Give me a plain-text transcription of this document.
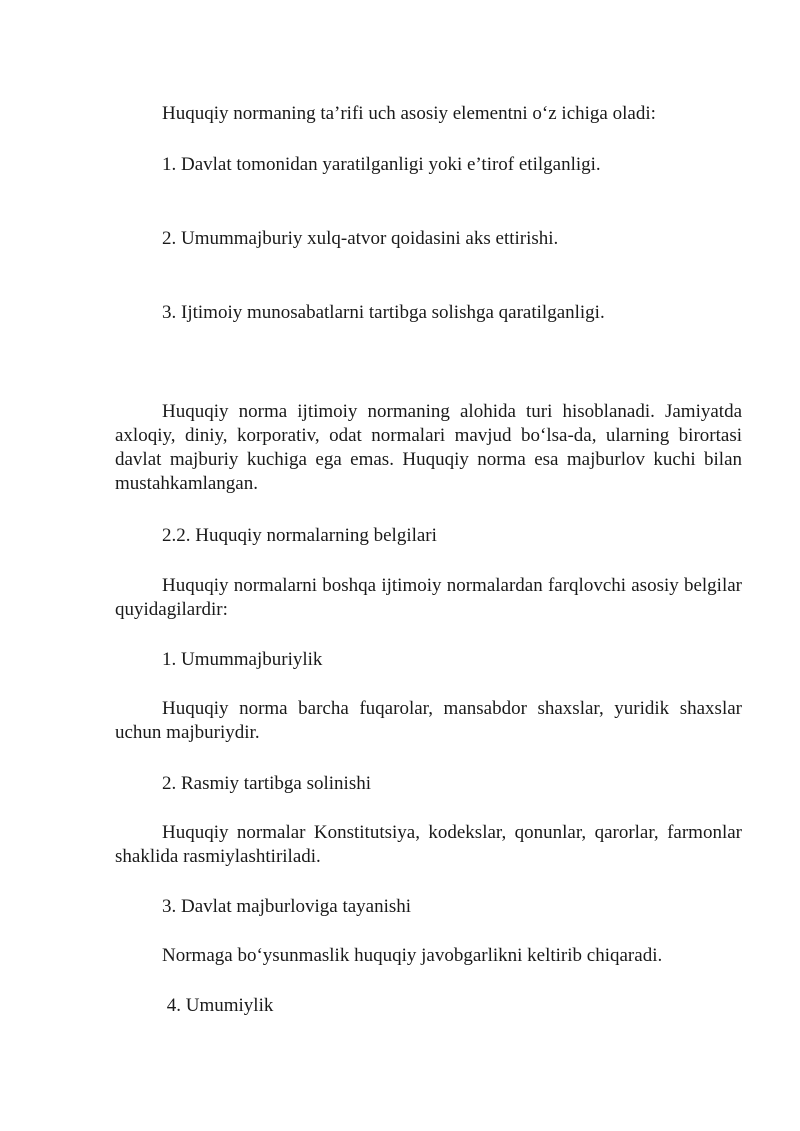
Huquqiy normaning ta’rifi uch asosiy elementni o‘z ichiga oladi:

1. Davlat tomonidan yaratilganligi yoki e’tirof etilganligi.

2. Umummajburiy xulq-atvor qoidasini aks ettirishi.

3. Ijtimoiy munosabatlarni tartibga solishga qaratilganligi.

Huquqiy norma ijtimoiy normaning alohida turi hisoblanadi. Jamiyatda axloqiy, diniy, korporativ, odat normalari mavjud bo‘lsa-da, ularning birortasi davlat majburiy kuchiga ega emas. Huquqiy norma esa majburlov kuchi bilan mustahkamlangan.

2.2. Huquqiy normalarning belgilari

Huquqiy normalarni boshqa ijtimoiy normalardan farqlovchi asosiy belgilar quyidagilardir:

1. Umummajburiylik

Huquqiy norma barcha fuqarolar, mansabdor shaxslar, yuridik shaxslar uchun majburiydir.

2. Rasmiy tartibga solinishi

Huquqiy normalar Konstitutsiya, kodekslar, qonunlar, qarorlar, farmonlar shaklida rasmiylashtiriladi.

3. Davlat majburloviga tayanishi

Normaga bo‘ysunmaslik huquqiy javobgarlikni keltirib chiqaradi.

4. Umumiylik
